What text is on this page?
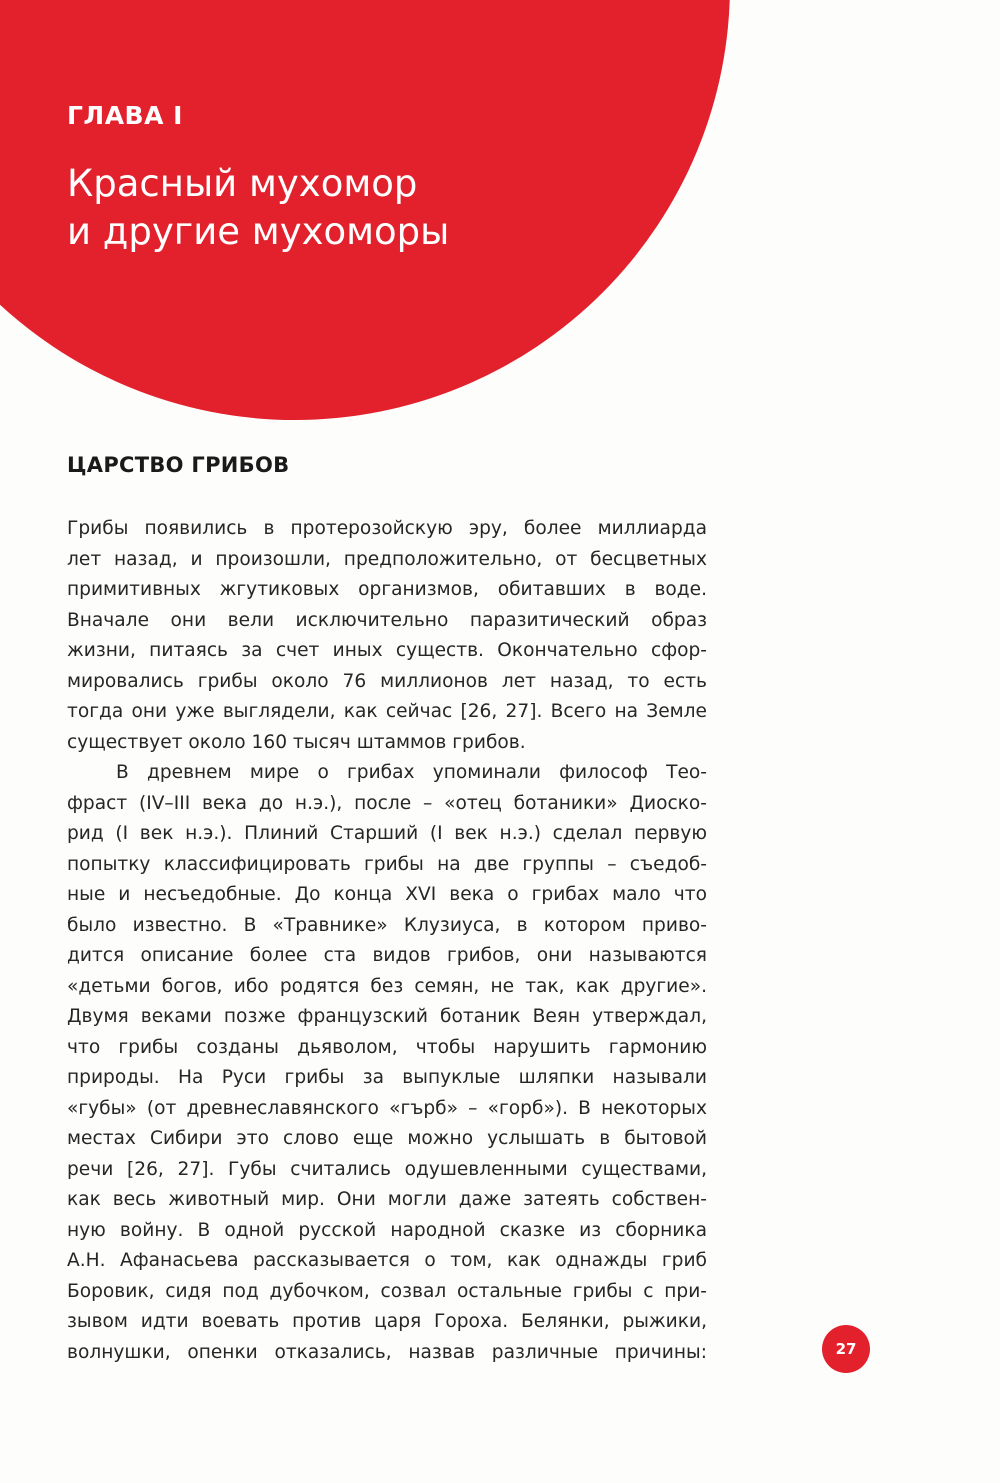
ГЛАВА I
Красный мухомор
и другие мухоморы
ЦАРСТВО ГРИБОВ
Грибы появились в протерозойскую эру, более миллиарда
лет назад, и произошли, предположительно, от бесцветных
примитивных жгутиковых организмов, обитавших в воде.
Вначале они вели исключительно паразитический образ
жизни, питаясь за счет иных существ. Окончательно сфор-
мировались грибы около 76 миллионов лет назад, то есть
тогда они уже выглядели, как сейчас [26, 27]. Всего на Земле
существует около 160 тысяч штаммов грибов.
В древнем мире о грибах упоминали философ Тео-
фраст (IV–III века до н.э.), после – «отец ботаники» Диоско-
рид (I век н.э.). Плиний Старший (I век н.э.) сделал первую
попытку классифицировать грибы на две группы – съедоб-
ные и несъедобные. До конца XVI века о грибах мало что
было известно. В «Травнике» Клузиуса, в котором приво-
дится описание более ста видов грибов, они называются
«детьми богов, ибо родятся без семян, не так, как другие».
Двумя веками позже французский ботаник Веян утверждал,
что грибы созданы дьяволом, чтобы нарушить гармонию
природы. На Руси грибы за выпуклые шляпки называли
«губы» (от древнеславянского «гърб» – «горб»). В некоторых
местах Сибири это слово еще можно услышать в бытовой
речи [26, 27]. Губы считались одушевленными существами,
как весь животный мир. Они могли даже затеять собствен-
ную войну. В одной русской народной сказке из сборника
А.Н. Афанасьева рассказывается о том, как однажды гриб
Боровик, сидя под дубочком, созвал остальные грибы с при-
зывом идти воевать против царя Гороха. Белянки, рыжики,
волнушки, опенки отказались, назвав различные причины:	27
